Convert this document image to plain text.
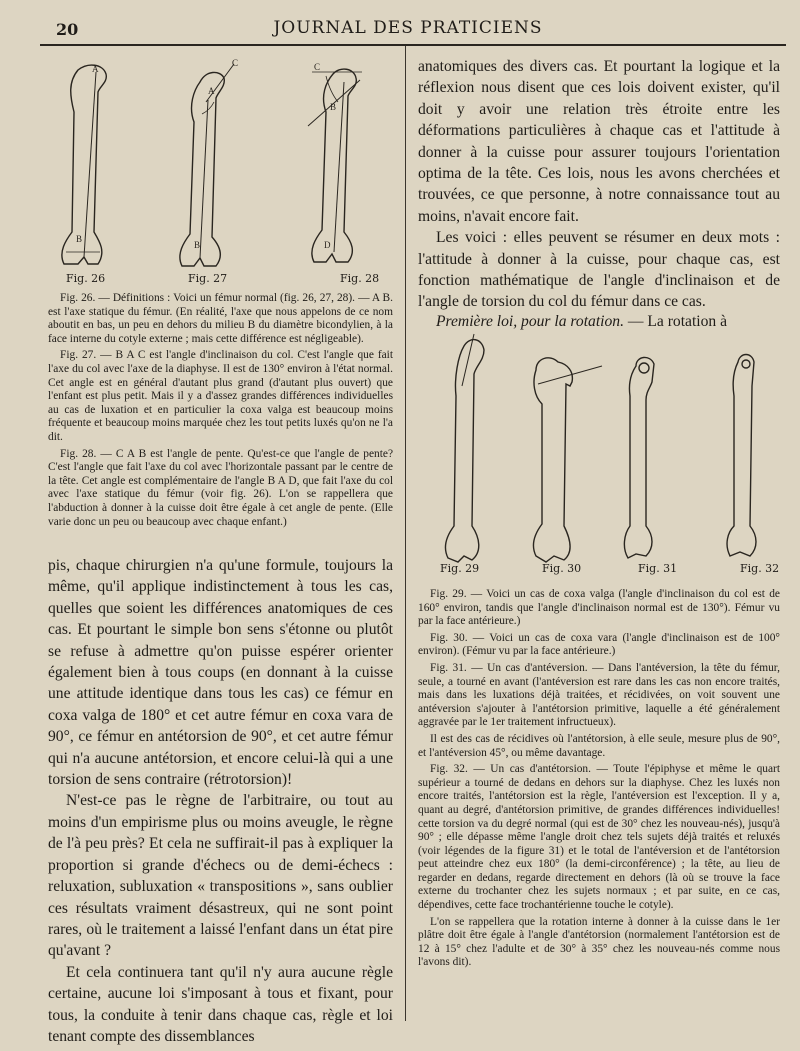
20	JOURNAL DES PRATICIENS
A
B
A
C
B
C
B
D
Fig. 26	Fig. 27	Fig. 28

Fig. 26. — Définitions : Voici un fémur normal (fig. 26, 27, 28). — A B. est l'axe statique du fémur. (En réalité, l'axe que nous appelons de ce nom aboutit en bas, un peu en dehors du milieu B du diamètre bicondylien, à la face interne du cotyle externe ; mais cette différence est négligeable).

Fig. 27. — B A C est l'angle d'inclinaison du col. C'est l'angle que fait l'axe du col avec l'axe de la diaphyse. Il est de 130° environ à l'état normal. Cet angle est en général d'autant plus grand (d'autant plus ouvert) que l'enfant est plus petit. Mais il y a d'assez grandes différences individuelles au cas de luxation et en particulier la coxa valga est beaucoup moins fréquente et beaucoup moins marquée chez les tout petits luxés qu'on ne l'a dit.

Fig. 28. — C A B est l'angle de pente. Qu'est-ce que l'angle de pente? C'est l'angle que fait l'axe du col avec l'horizontale passant par le centre de la tête. Cet angle est complémentaire de l'angle B A D, que fait l'axe du col avec l'axe statique du fémur (voir fig. 26). L'on se rappellera que l'abduction à donner à la cuisse doit être égale à cet angle de pente. (Elle varie donc un peu ou beaucoup avec chaque enfant.)

pis, chaque chirurgien n'a qu'une formule, toujours la même, qu'il applique indistinctement à tous les cas, quelles que soient les différences anatomiques de ces cas. Et pourtant le simple bon sens s'étonne ou plutôt se refuse à admettre qu'on puisse espérer orienter également bien à tous coups (en donnant à la cuisse une attitude identique dans tous les cas) ce fémur en coxa valga de 180° et cet autre fémur en coxa vara de 90°, ce fémur en antétorsion de 90°, et cet autre fémur qui n'a aucune antétorsion, et encore celui-là qui a une torsion de sens contraire (rétrotorsion)!

N'est-ce pas le règne de l'arbitraire, ou tout au moins d'un empirisme plus ou moins aveugle, le règne de l'à peu près? Et cela ne suffirait-il pas à expliquer la proportion si grande d'échecs ou de demi-échecs : reluxation, subluxation « transpositions », sans oublier ces résultats vraiment désastreux, qui ne sont point rares, où le traitement a laissé l'enfant dans un état pire qu'avant ?

Et cela continuera tant qu'il n'y aura aucune règle certaine, aucune loi s'imposant à tous et fixant, pour tous, la conduite à tenir dans chaque cas, règle et loi tenant compte des dissemblances

anatomiques des divers cas. Et pourtant la logique et la réflexion nous disent que ces lois doivent exister, qu'il doit y avoir une relation très étroite entre les déformations particulières à chaque cas et l'attitude à donner à la cuisse pour assurer toujours l'orientation optima de la tête. Ces lois, nous les avons cherchées et trouvées, ce que personne, à notre connaissance tout au moins, n'avait encore fait.

Les voici : elles peuvent se résumer en deux mots : l'attitude à donner à la cuisse, pour chaque cas, est fonction mathématique de l'angle d'inclinaison et de l'angle de torsion du col du fémur dans ce cas.

Première loi, pour la rotation. — La rotation à

Fig. 29	Fig. 30	Fig. 31	Fig. 32

Fig. 29. — Voici un cas de coxa valga (l'angle d'inclinaison du col est de 160° environ, tandis que l'angle d'inclinaison normal est de 130°). Fémur vu par la face antérieure.)

Fig. 30. — Voici un cas de coxa vara (l'angle d'inclinaison est de 100° environ). (Fémur vu par la face antérieure.)

Fig. 31. — Un cas d'antéversion. — Dans l'antéversion, la tête du fémur, seule, a tourné en avant (l'antéversion est rare dans les cas non encore traités, mais dans les luxations déjà traitées, et récidivées, on voit souvent une antéversion s'ajouter à l'antétorsion primitive, laquelle a été généralement aggravée par le 1er traitement infructueux).

Il est des cas de récidives où l'antétorsion, à elle seule, mesure plus de 90°, et l'antéversion 45°, ou même davantage.

Fig. 32. — Un cas d'antétorsion. — Toute l'épiphyse et même le quart supérieur a tourné de dedans en dehors sur la diaphyse. Chez les luxés non encore traités, l'antétorsion est la règle, l'antéversion est l'exception. Il y a, quant au degré, d'antétorsion primitive, de grandes différences individuelles! cette torsion va du degré normal (qui est de 30° chez les nouveau-nés), jusqu'à 90° ; elle dépasse même l'angle droit chez tels sujets déjà traités et reluxés (voir légendes de la figure 31) et le total de l'antéversion et de l'antétorsion peut atteindre chez eux 180° (la demi-circonférence) ; la tête, au lieu de regarder en dedans, regarde directement en dehors (là où se trouve la face externe du trochanter chez les sujets normaux ; et par suite, en ce cas, dépendives, cette face trochantérienne touche le cotyle).

L'on se rappellera que la rotation interne à donner à la cuisse dans le 1er plâtre doit être égale à l'angle d'antétorsion (normalement l'antétorsion est de 12 à 15° chez l'adulte et de 30° à 35° chez les nouveau-nés comme nous l'avons dit).
